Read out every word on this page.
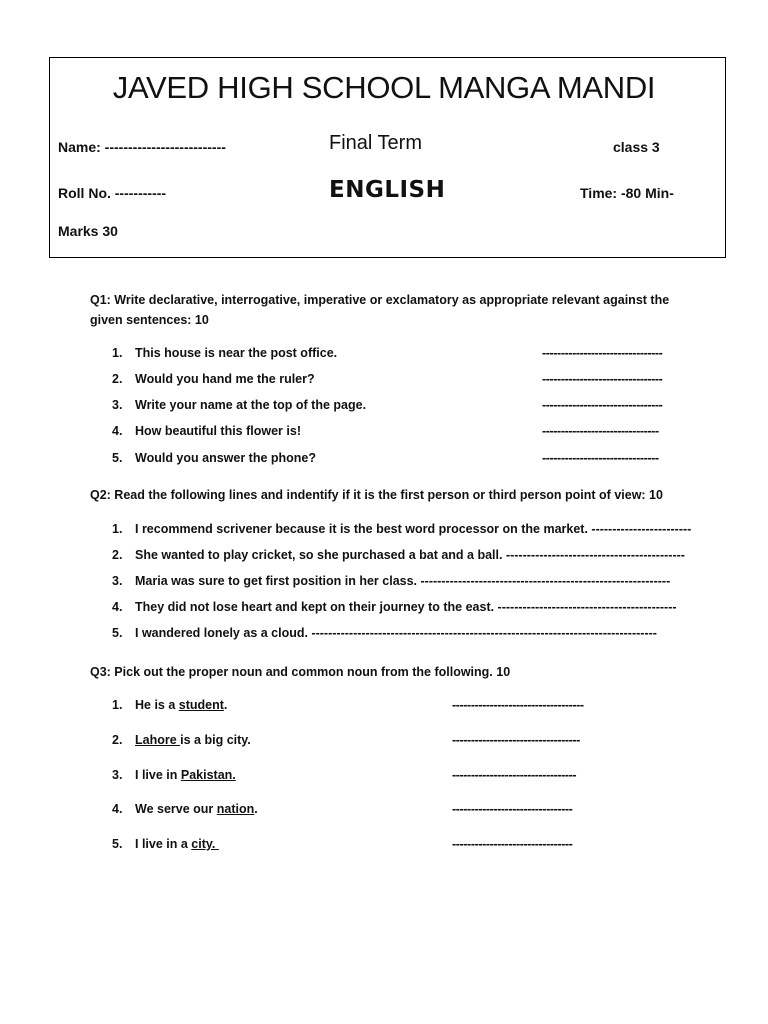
JAVED HIGH SCHOOL MANGA MANDI
Name: --------------------------	Final Term	class 3
Roll No. -----------	ENGLISH	Time: -80 Min-
Marks 30
Q1: Write declarative, interrogative, imperative or exclamatory as appropriate relevant against the given sentences: 10
1. This house is near the post office.	--------------------------------
2. Would you hand me the ruler?	--------------------------------
3. Write your name at the top of the page.	--------------------------------
4. How beautiful this flower is!	-------------------------------
5. Would you answer the phone?	-------------------------------
Q2: Read the following lines and indentify if it is the first person or third person point of view: 10
1. I recommend scrivener because it is the best word processor on the market. ------------------------
2. She wanted to play cricket, so she purchased a bat and a ball. -------------------------------------------
3. Maria was sure to get first position in her class. ------------------------------------------------------------
4. They did not lose heart and kept on their journey to the east. -------------------------------------------
5. I wandered lonely as a cloud. -----------------------------------------------------------------------------------
Q3: Pick out the proper noun and common noun from the following. 10
1. He is a student.	-----------------------------------
2. Lahore is a big city.	----------------------------------
3. I live in Pakistan.	---------------------------------
4. We serve our nation.	--------------------------------
5. I live in a city.	--------------------------------
